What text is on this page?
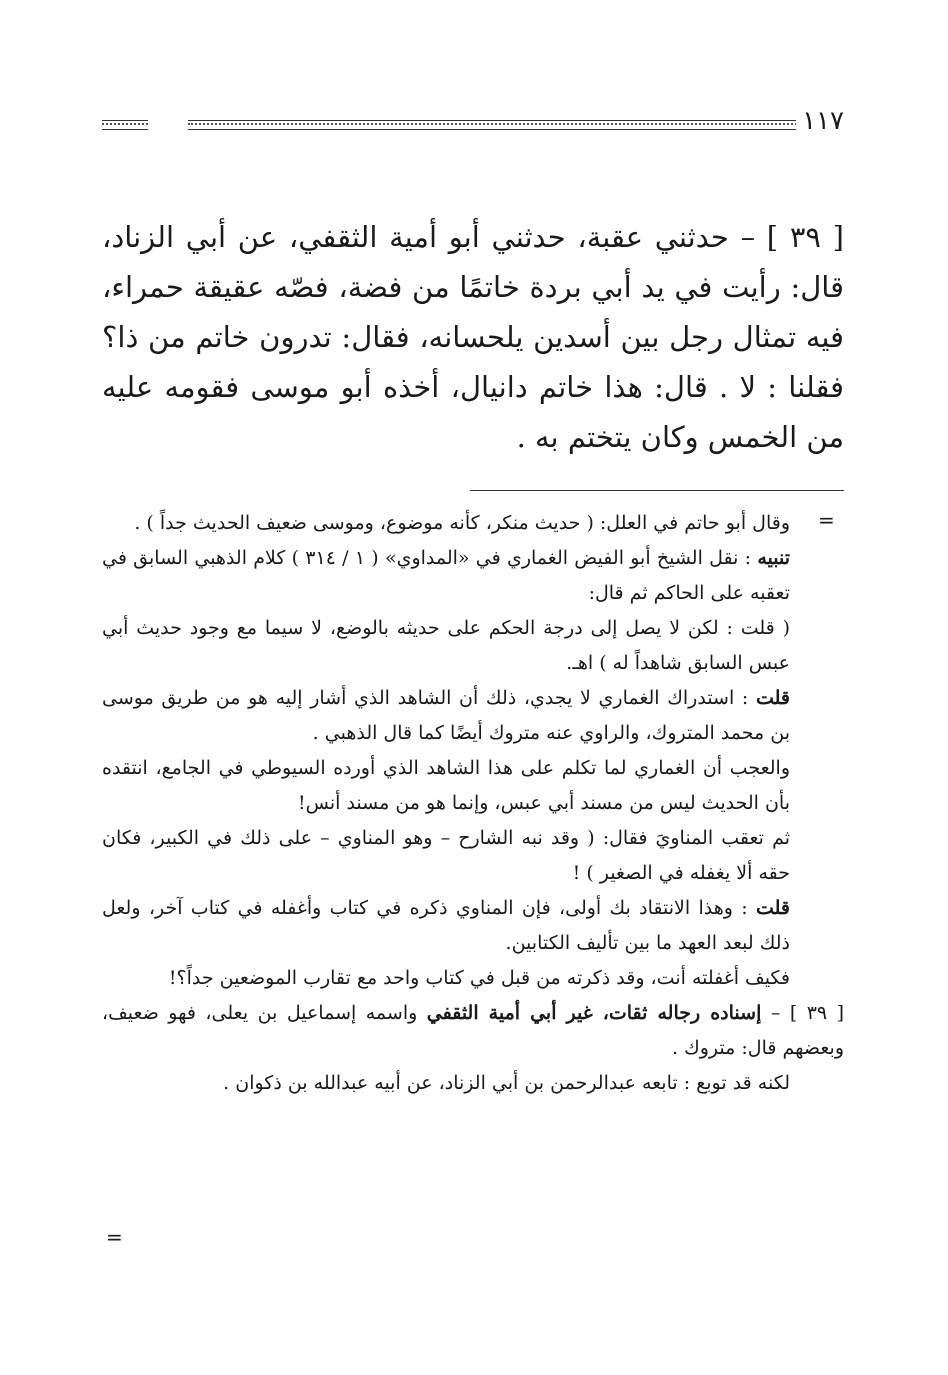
١١٧

[ ٣٩ ] – حدثني عقبة، حدثني أبو أمية الثقفي، عن أبي الزناد، قال: رأيت في يد أبي بردة خاتمًا من فضة، فصّه عقيقة حمراء، فيه تمثال رجل بين أسدين يلحسانه، فقال: تدرون خاتم من ذا؟ فقلنا : لا . قال: هذا خاتم دانيال، أخذه أبو موسى فقومه عليه من الخمس وكان يتختم به .

=

وقال أبو حاتم في العلل: ( حديث منكر، كأنه موضوع، وموسى ضعيف الحديث جداً ) .

تنبيه : نقل الشيخ أبو الفيض الغماري في «المداوي» ( ١ / ٣١٤ ) كلام الذهبي السابق في تعقبه على الحاكم ثم قال:

( قلت : لكن لا يصل إلى درجة الحكم على حديثه بالوضع، لا سيما مع وجود حديث أبي عبس السابق شاهداً له ) اهـ.

قلت : استدراك الغماري لا يجدي، ذلك أن الشاهد الذي أشار إليه هو من طريق موسى بن محمد المتروك، والراوي عنه متروك أيضًا كما قال الذهبي .

والعجب أن الغماري لما تكلم على هذا الشاهد الذي أورده السيوطي في الجامع، انتقده بأن الحديث ليس من مسند أبي عبس، وإنما هو من مسند أنس!

ثم تعقب المناويَ فقال: ( وقد نبه الشارح – وهو المناوي – على ذلك في الكبير، فكان حقه ألا يغفله في الصغير ) !

قلت : وهذا الانتقاد بك أولى، فإن المناوي ذكره في كتاب وأغفله في كتاب آخر، ولعل ذلك لبعد العهد ما بين تأليف الكتابين.

فكيف أغفلته أنت، وقد ذكرته من قبل في كتاب واحد مع تقارب الموضعين جداً؟!

[ ٣٩ ] – إسناده رجاله ثقات، غير أبي أمية الثقفي واسمه إسماعيل بن يعلى، فهو ضعيف، وبعضهم قال: متروك .

لكنه قد توبع : تابعه عبدالرحمن بن أبي الزناد، عن أبيه عبدالله بن ذكوان .

=
